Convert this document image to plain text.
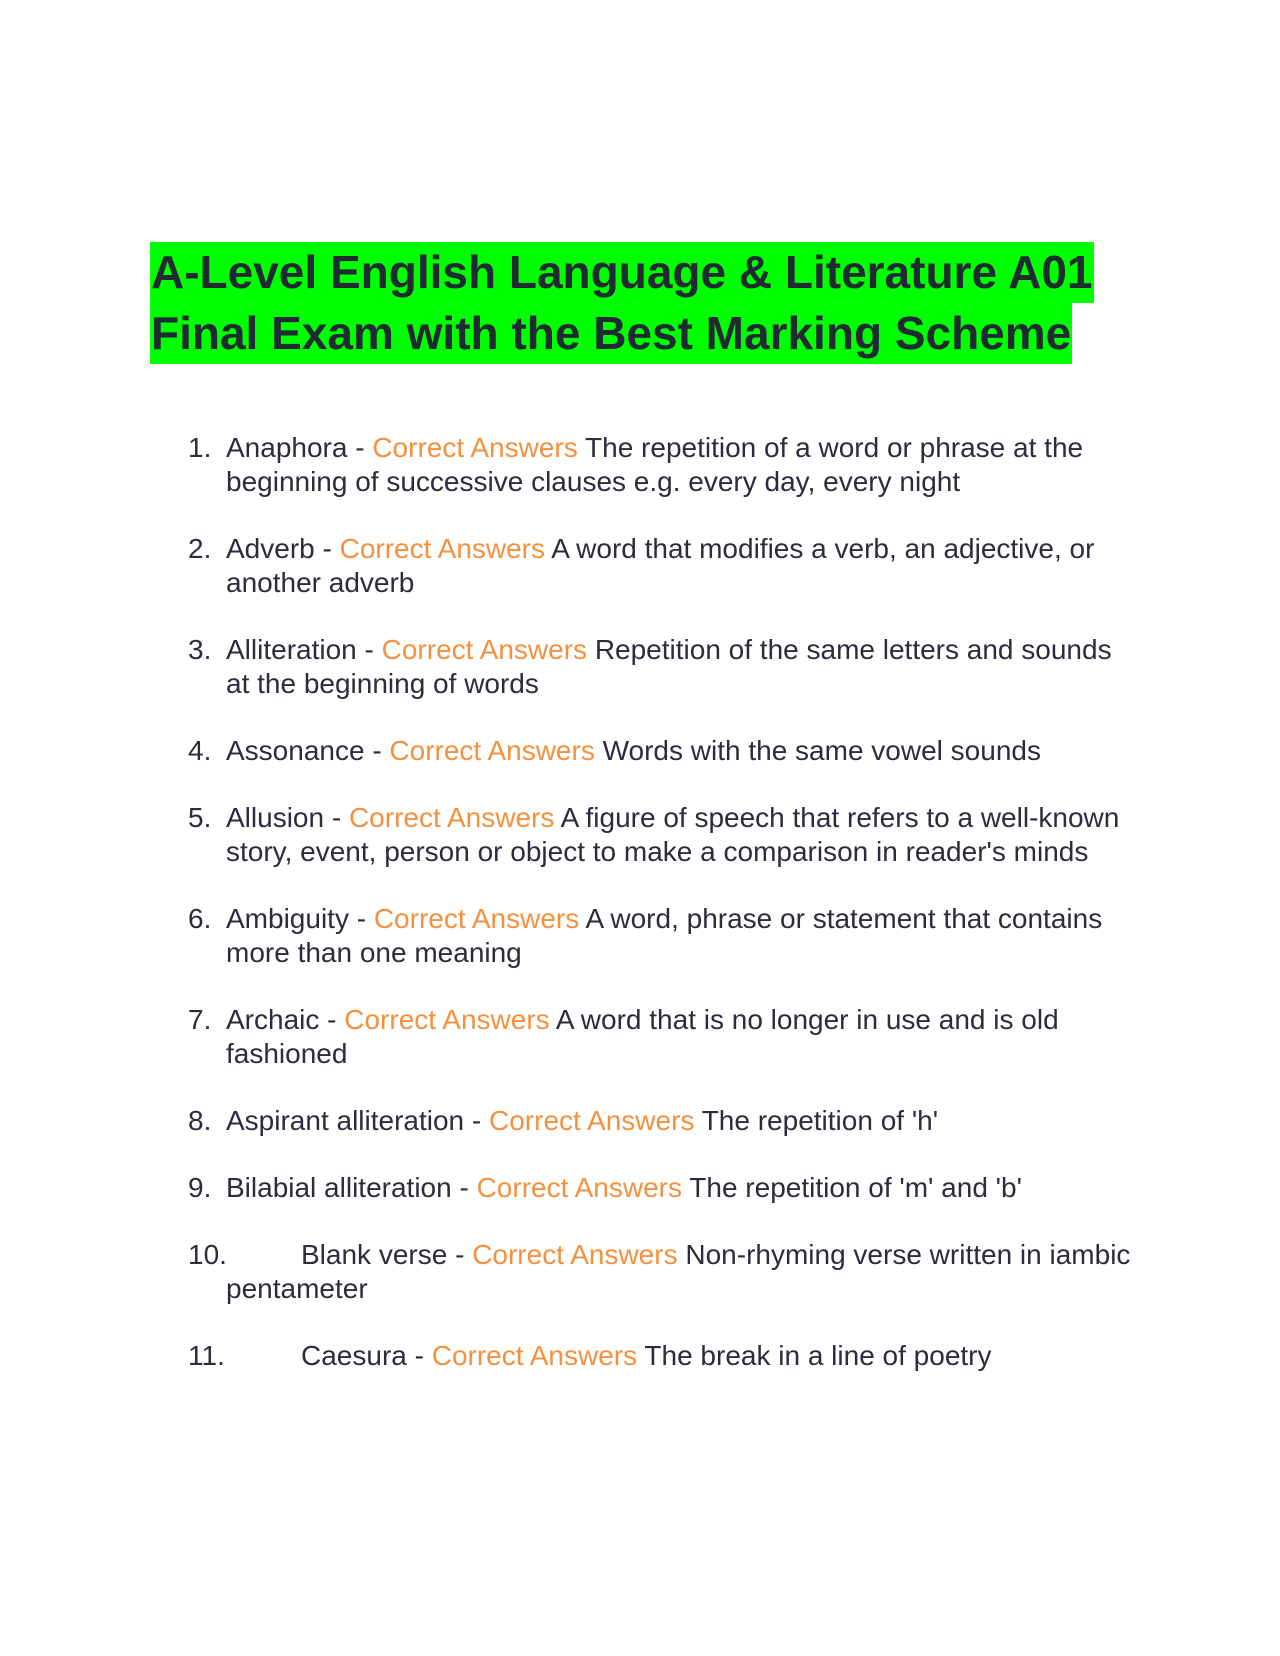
A-Level English Language & Literature A01
Final Exam with the Best Marking Scheme
1. Anaphora - Correct Answers The repetition of a word or phrase at the beginning of successive clauses e.g. every day, every night
2. Adverb - Correct Answers A word that modifies a verb, an adjective, or another adverb
3. Alliteration - Correct Answers Repetition of the same letters and sounds at the beginning of words
4. Assonance - Correct Answers Words with the same vowel sounds
5. Allusion - Correct Answers A figure of speech that refers to a well-known story, event, person or object to make a comparison in reader's minds
6. Ambiguity - Correct Answers A word, phrase or statement that contains more than one meaning
7. Archaic - Correct Answers A word that is no longer in use and is old fashioned
8. Aspirant alliteration - Correct Answers The repetition of 'h'
9. Bilabial alliteration - Correct Answers The repetition of 'm' and 'b'
10.	Blank verse - Correct Answers Non-rhyming verse written in iambic pentameter
11.	Caesura - Correct Answers The break in a line of poetry
